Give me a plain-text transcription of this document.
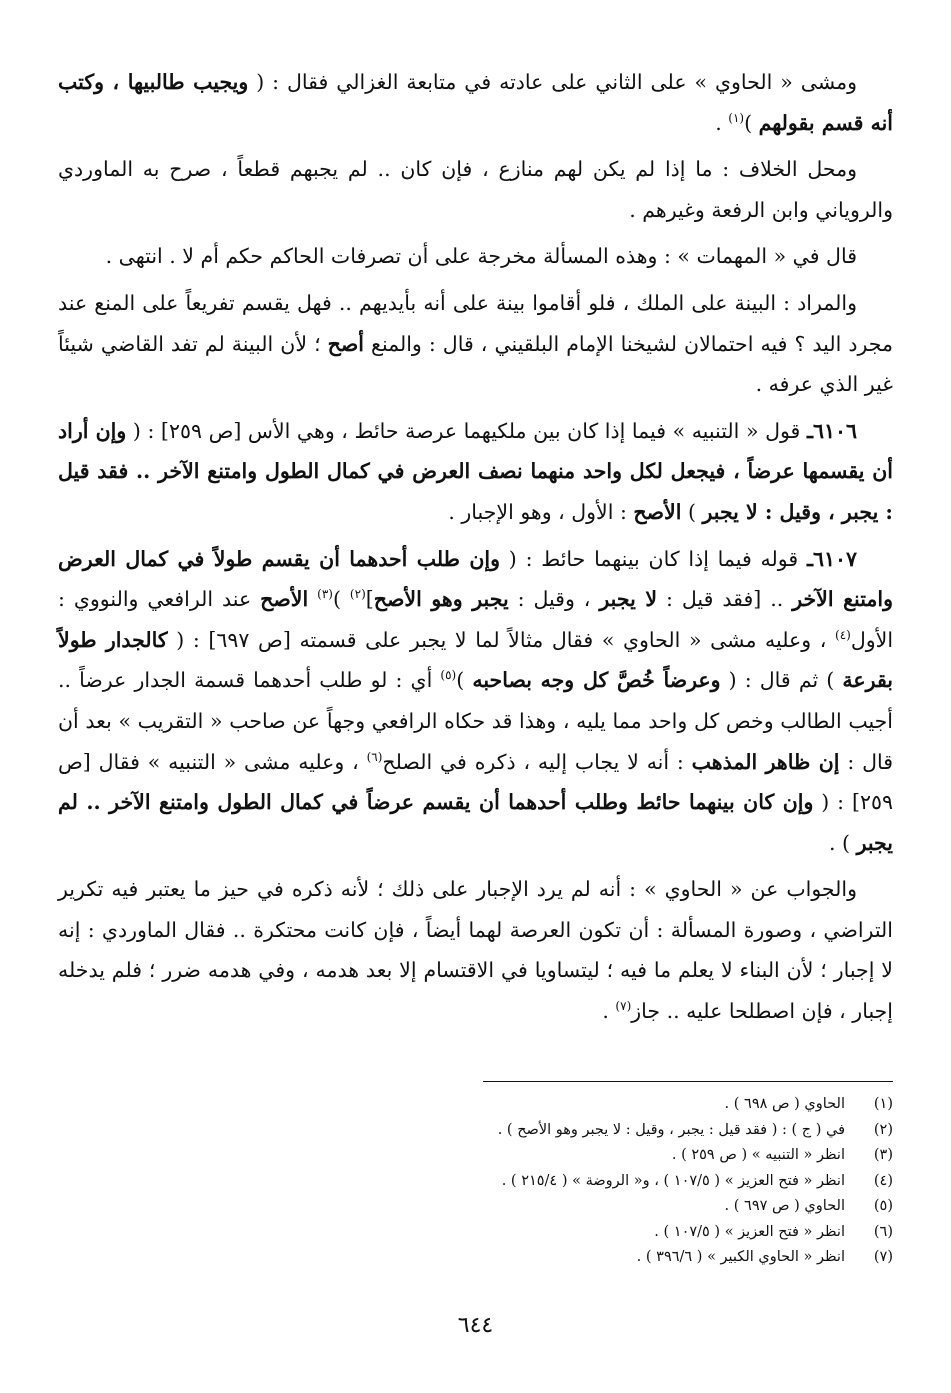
ومشى « الحاوي » على الثاني على عادته في متابعة الغزالي فقال : ( ويجيب طالبيها ، وكتب أنه قسم بقولهم )$^{(١)}$ .

ومحل الخلاف : ما إذا لم يكن لهم منازع ، فإن كان .. لم يجبهم قطعاً ، صرح به الماوردي والروياني وابن الرفعة وغيرهم .

قال في « المهمات » : وهذه المسألة مخرجة على أن تصرفات الحاكم حكم أم لا . انتهى .

والمراد : البينة على الملك ، فلو أقاموا بينة على أنه بأيديهم .. فهل يقسم تفريعاً على المنع عند مجرد اليد ؟ فيه احتمالان لشيخنا الإمام البلقيني ، قال : والمنع أصح ؛ لأن البينة لم تفد القاضي شيئاً غير الذي عرفه .

٦١٠٦ـ قول « التنبيه » فيما إذا كان بين ملكيهما عرصة حائط ، وهي الأس [ص ٢٥٩] : ( وإن أراد أن يقسمها عرضاً ، فيجعل لكل واحد منهما نصف العرض في كمال الطول وامتنع الآخر .. فقد قيل : يجبر ، وقيل : لا يجبر ) الأصح : الأول ، وهو الإجبار .

٦١٠٧ـ قوله فيما إذا كان بينهما حائط : ( وإن طلب أحدهما أن يقسم طولاً في كمال العرض وامتنع الآخر .. [فقد قيل : لا يجبر ، وقيل : يجبر وهو الأصح]$^{(٢)}$ )$^{(٣)}$ الأصح عند الرافعي والنووي : الأول$^{(٤)}$ ، وعليه مشى « الحاوي » فقال مثالاً لما لا يجبر على قسمته [ص ٦٩٧] : ( كالجدار طولاً بقرعة ) ثم قال : ( وعرضاً خُصَّ كل وجه بصاحبه )$^{(٥)}$ أي : لو طلب أحدهما قسمة الجدار عرضاً .. أجيب الطالب وخص كل واحد مما يليه ، وهذا قد حكاه الرافعي وجهاً عن صاحب « التقريب » بعد أن قال : إن ظاهر المذهب : أنه لا يجاب إليه ، ذكره في الصلح$^{(٦)}$ ، وعليه مشى « التنبيه » فقال [ص ٢٥٩] : ( وإن كان بينهما حائط وطلب أحدهما أن يقسم عرضاً في كمال الطول وامتنع الآخر .. لم يجبر ) .

والجواب عن « الحاوي » : أنه لم يرد الإجبار على ذلك ؛ لأنه ذكره في حيز ما يعتبر فيه تكرير التراضي ، وصورة المسألة : أن تكون العرصة لهما أيضاً ، فإن كانت محتكرة .. فقال الماوردي : إنه لا إجبار ؛ لأن البناء لا يعلم ما فيه ؛ ليتساويا في الاقتسام إلا بعد هدمه ، وفي هدمه ضرر ؛ فلم يدخله إجبار ، فإن اصطلحا عليه .. جاز$^{(٧)}$ .

(١)
الحاوي ( ص ٦٩٨ ) .
(٢)
في ( ج ) : ( فقد قيل : يجبر ، وقيل : لا يجبر وهو الأصح ) .
(٣)
انظر « التنبيه » ( ص ٢٥٩ ) .
(٤)
انظر « فتح العزيز » ( ١٠٧/٥ ) ، و« الروضة » ( ٢١٥/٤ ) .
(٥)
الحاوي ( ص ٦٩٧ ) .
(٦)
انظر « فتح العزيز » ( ١٠٧/٥ ) .
(٧)
انظر « الحاوي الكبير » ( ٣٩٦/٦ ) .
٦٤٤
